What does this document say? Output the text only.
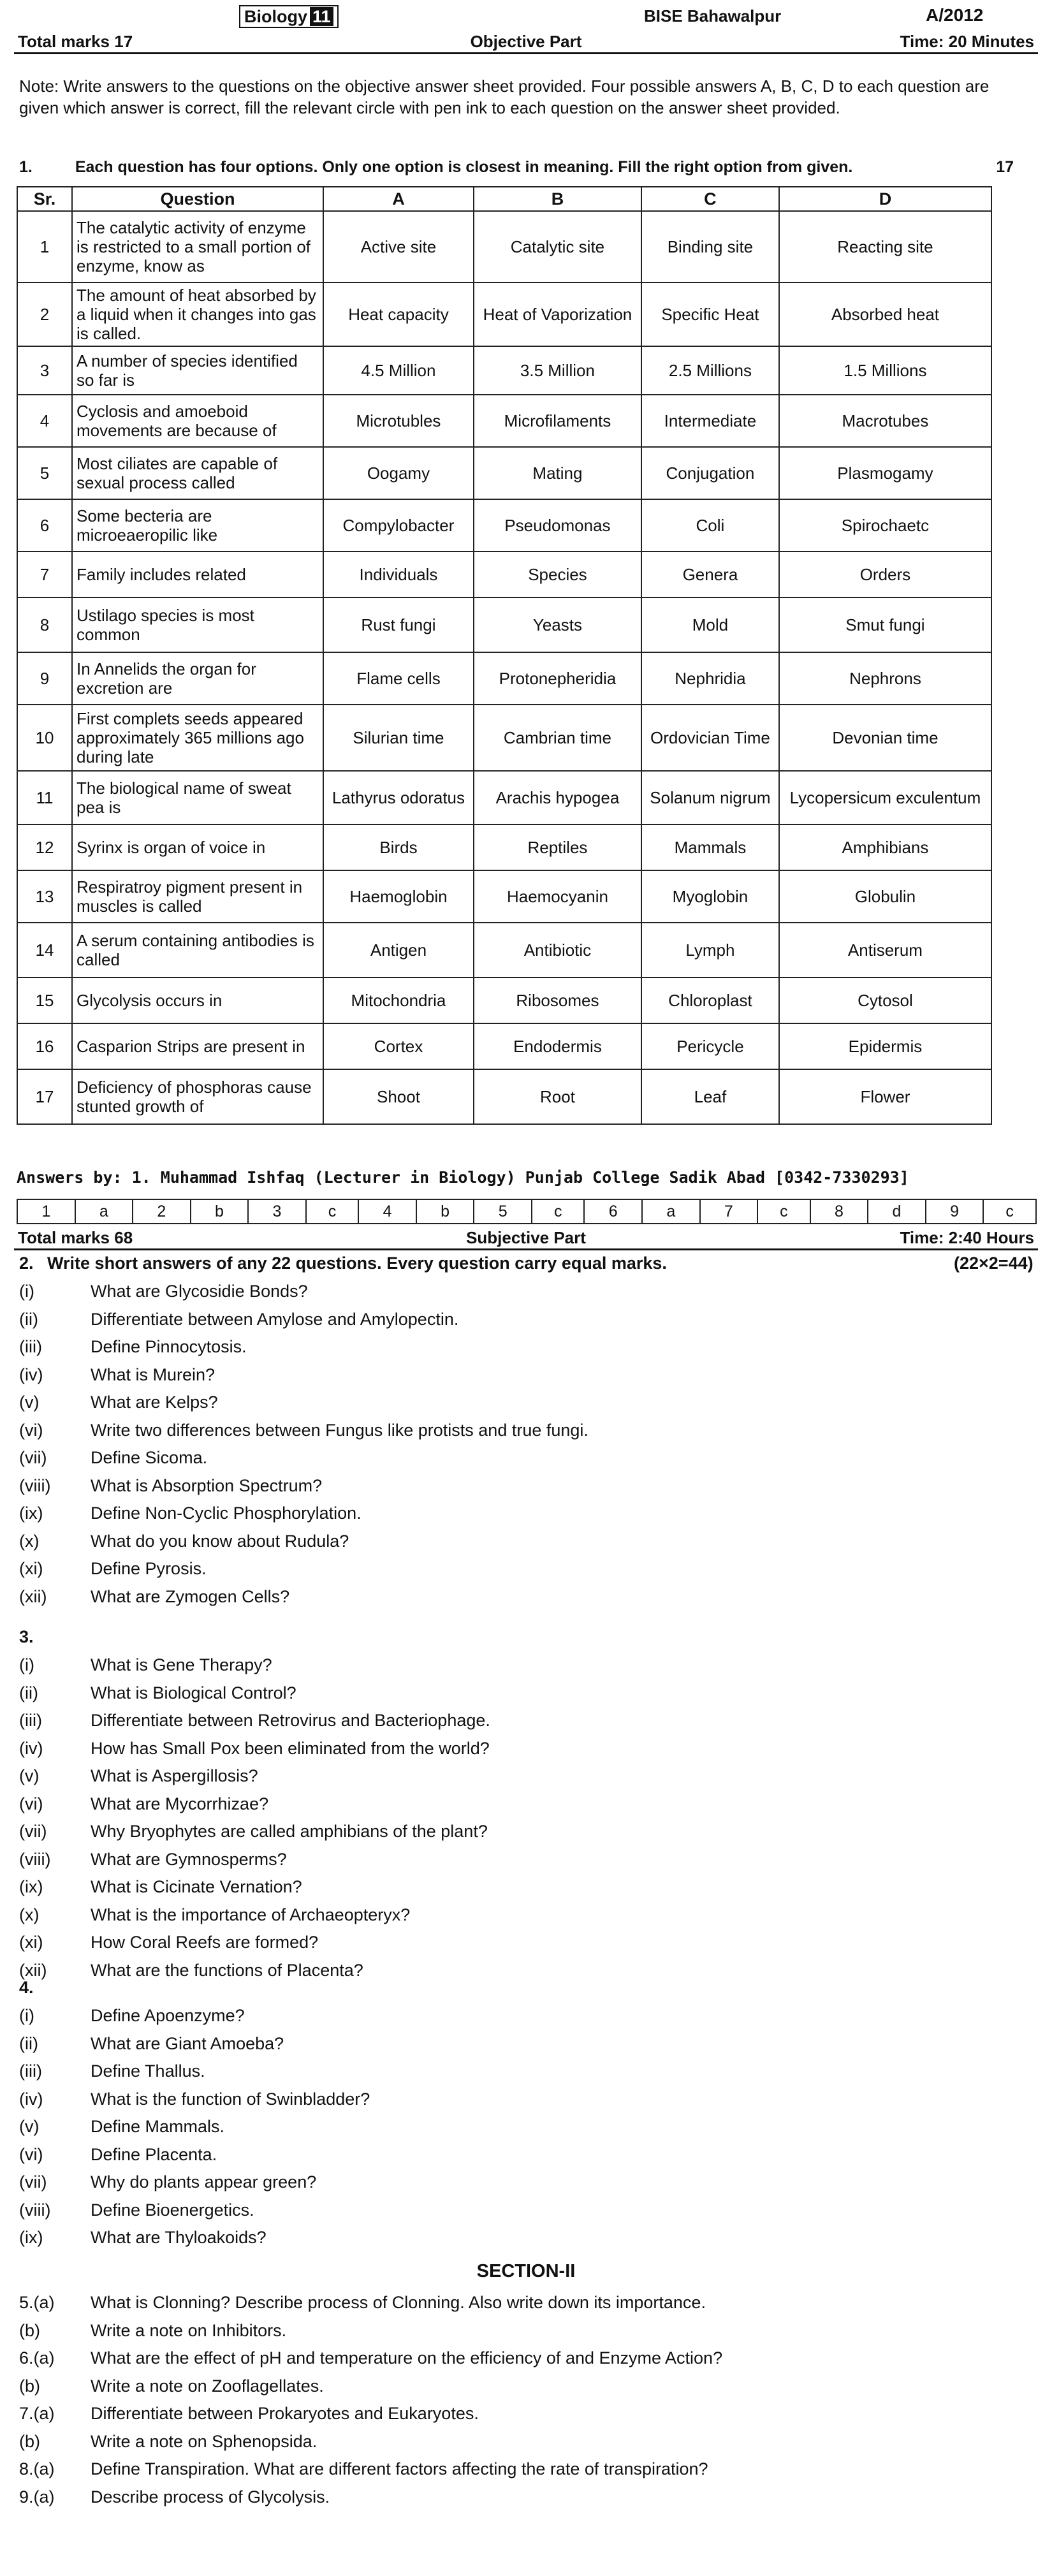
Biology 11	BISE Bahawalpur	A/2012
Total marks 17	Objective Part	Time: 20 Minutes
Note: Write answers to the questions on the objective answer sheet provided. Four possible answers A, B, C, D to each question are given which answer is correct, fill the relevant circle with pen ink to each question on the answer sheet provided.
1.	Each question has four options. Only one option is closest in meaning. Fill the right option from given.	17
Sr.	Question	A	B	C	D
1	The catalytic activity of enzyme is restricted to a small portion of enzyme, know as	Active site	Catalytic site	Binding site	Reacting site
2	The amount of heat absorbed by a liquid when it changes into gas is called.	Heat capacity	Heat of Vaporization	Specific Heat	Absorbed heat
3	A number of species identified so far is	4.5 Million	3.5 Million	2.5 Millions	1.5 Millions
4	Cyclosis and amoeboid movements are because of	Microtubles	Microfilaments	Intermediate	Macrotubes
5	Most ciliates are capable of sexual process called	Oogamy	Mating	Conjugation	Plasmogamy
6	Some becteria are microeaeropilic like	Compylobacter	Pseudomonas	Coli	Spirochaetc
7	Family includes related	Individuals	Species	Genera	Orders
8	Ustilago species is most common	Rust fungi	Yeasts	Mold	Smut fungi
9	In Annelids the organ for excretion are	Flame cells	Protonepheridia	Nephridia	Nephrons
10	First complets seeds appeared approximately 365 millions ago during late	Silurian time	Cambrian time	Ordovician Time	Devonian time
11	The biological name of sweat pea is	Lathyrus odoratus	Arachis hypogea	Solanum nigrum	Lycopersicum exculentum
12	Syrinx is organ of voice in	Birds	Reptiles	Mammals	Amphibians
13	Respiratroy pigment present in muscles is called	Haemoglobin	Haemocyanin	Myoglobin	Globulin
14	A serum containing antibodies is called	Antigen	Antibiotic	Lymph	Antiserum
15	Glycolysis occurs in	Mitochondria	Ribosomes	Chloroplast	Cytosol
16	Casparion Strips are present in	Cortex	Endodermis	Pericycle	Epidermis
17	Deficiency of phosphoras cause stunted growth of	Shoot	Root	Leaf	Flower
Answers by: 1. Muhammad Ishfaq (Lecturer in Biology) Punjab College Sadik Abad [0342-7330293]
1	a	2	b	3	c	4	b	5	c	6	a	7	c	8	d	9	c
Total marks 68	Subjective Part	Time: 2:40 Hours
2. Write short answers of any 22 questions. Every question carry equal marks.	(22×2=44)
(i)	What are Glycosidie Bonds?
(ii)	Differentiate between Amylose and Amylopectin.
(iii)	Define Pinnocytosis.
(iv)	What is Murein?
(v)	What are Kelps?
(vi)	Write two differences between Fungus like protists and true fungi.
(vii)	Define Sicoma.
(viii)	What is Absorption Spectrum?
(ix)	Define Non-Cyclic Phosphorylation.
(x)	What do you know about Rudula?
(xi)	Define Pyrosis.
(xii)	What are Zymogen Cells?
3.
(i)	What is Gene Therapy?
(ii)	What is Biological Control?
(iii)	Differentiate between Retrovirus and Bacteriophage.
(iv)	How has Small Pox been eliminated from the world?
(v)	What is Aspergillosis?
(vi)	What are Mycorrhizae?
(vii)	Why Bryophytes are called amphibians of the plant?
(viii)	What are Gymnosperms?
(ix)	What is Cicinate Vernation?
(x)	What is the importance of Archaeopteryx?
(xi)	How Coral Reefs are formed?
(xii)	What are the functions of Placenta?
4.
(i)	Define Apoenzyme?
(ii)	What are Giant Amoeba?
(iii)	Define Thallus.
(iv)	What is the function of Swinbladder?
(v)	Define Mammals.
(vi)	Define Placenta.
(vii)	Why do plants appear green?
(viii)	Define Bioenergetics.
(ix)	What are Thyloakoids?
SECTION-II
5.(a)	What is Clonning? Describe process of Clonning. Also write down its importance.
(b)	Write a note on Inhibitors.
6.(a)	What are the effect of pH and temperature on the efficiency of and Enzyme Action?
(b)	Write a note on Zooflagellates.
7.(a)	Differentiate between Prokaryotes and Eukaryotes.
(b)	Write a note on Sphenopsida.
8.(a)	Define Transpiration. What are different factors affecting the rate of transpiration?
9.(a)	Describe process of Glycolysis.
